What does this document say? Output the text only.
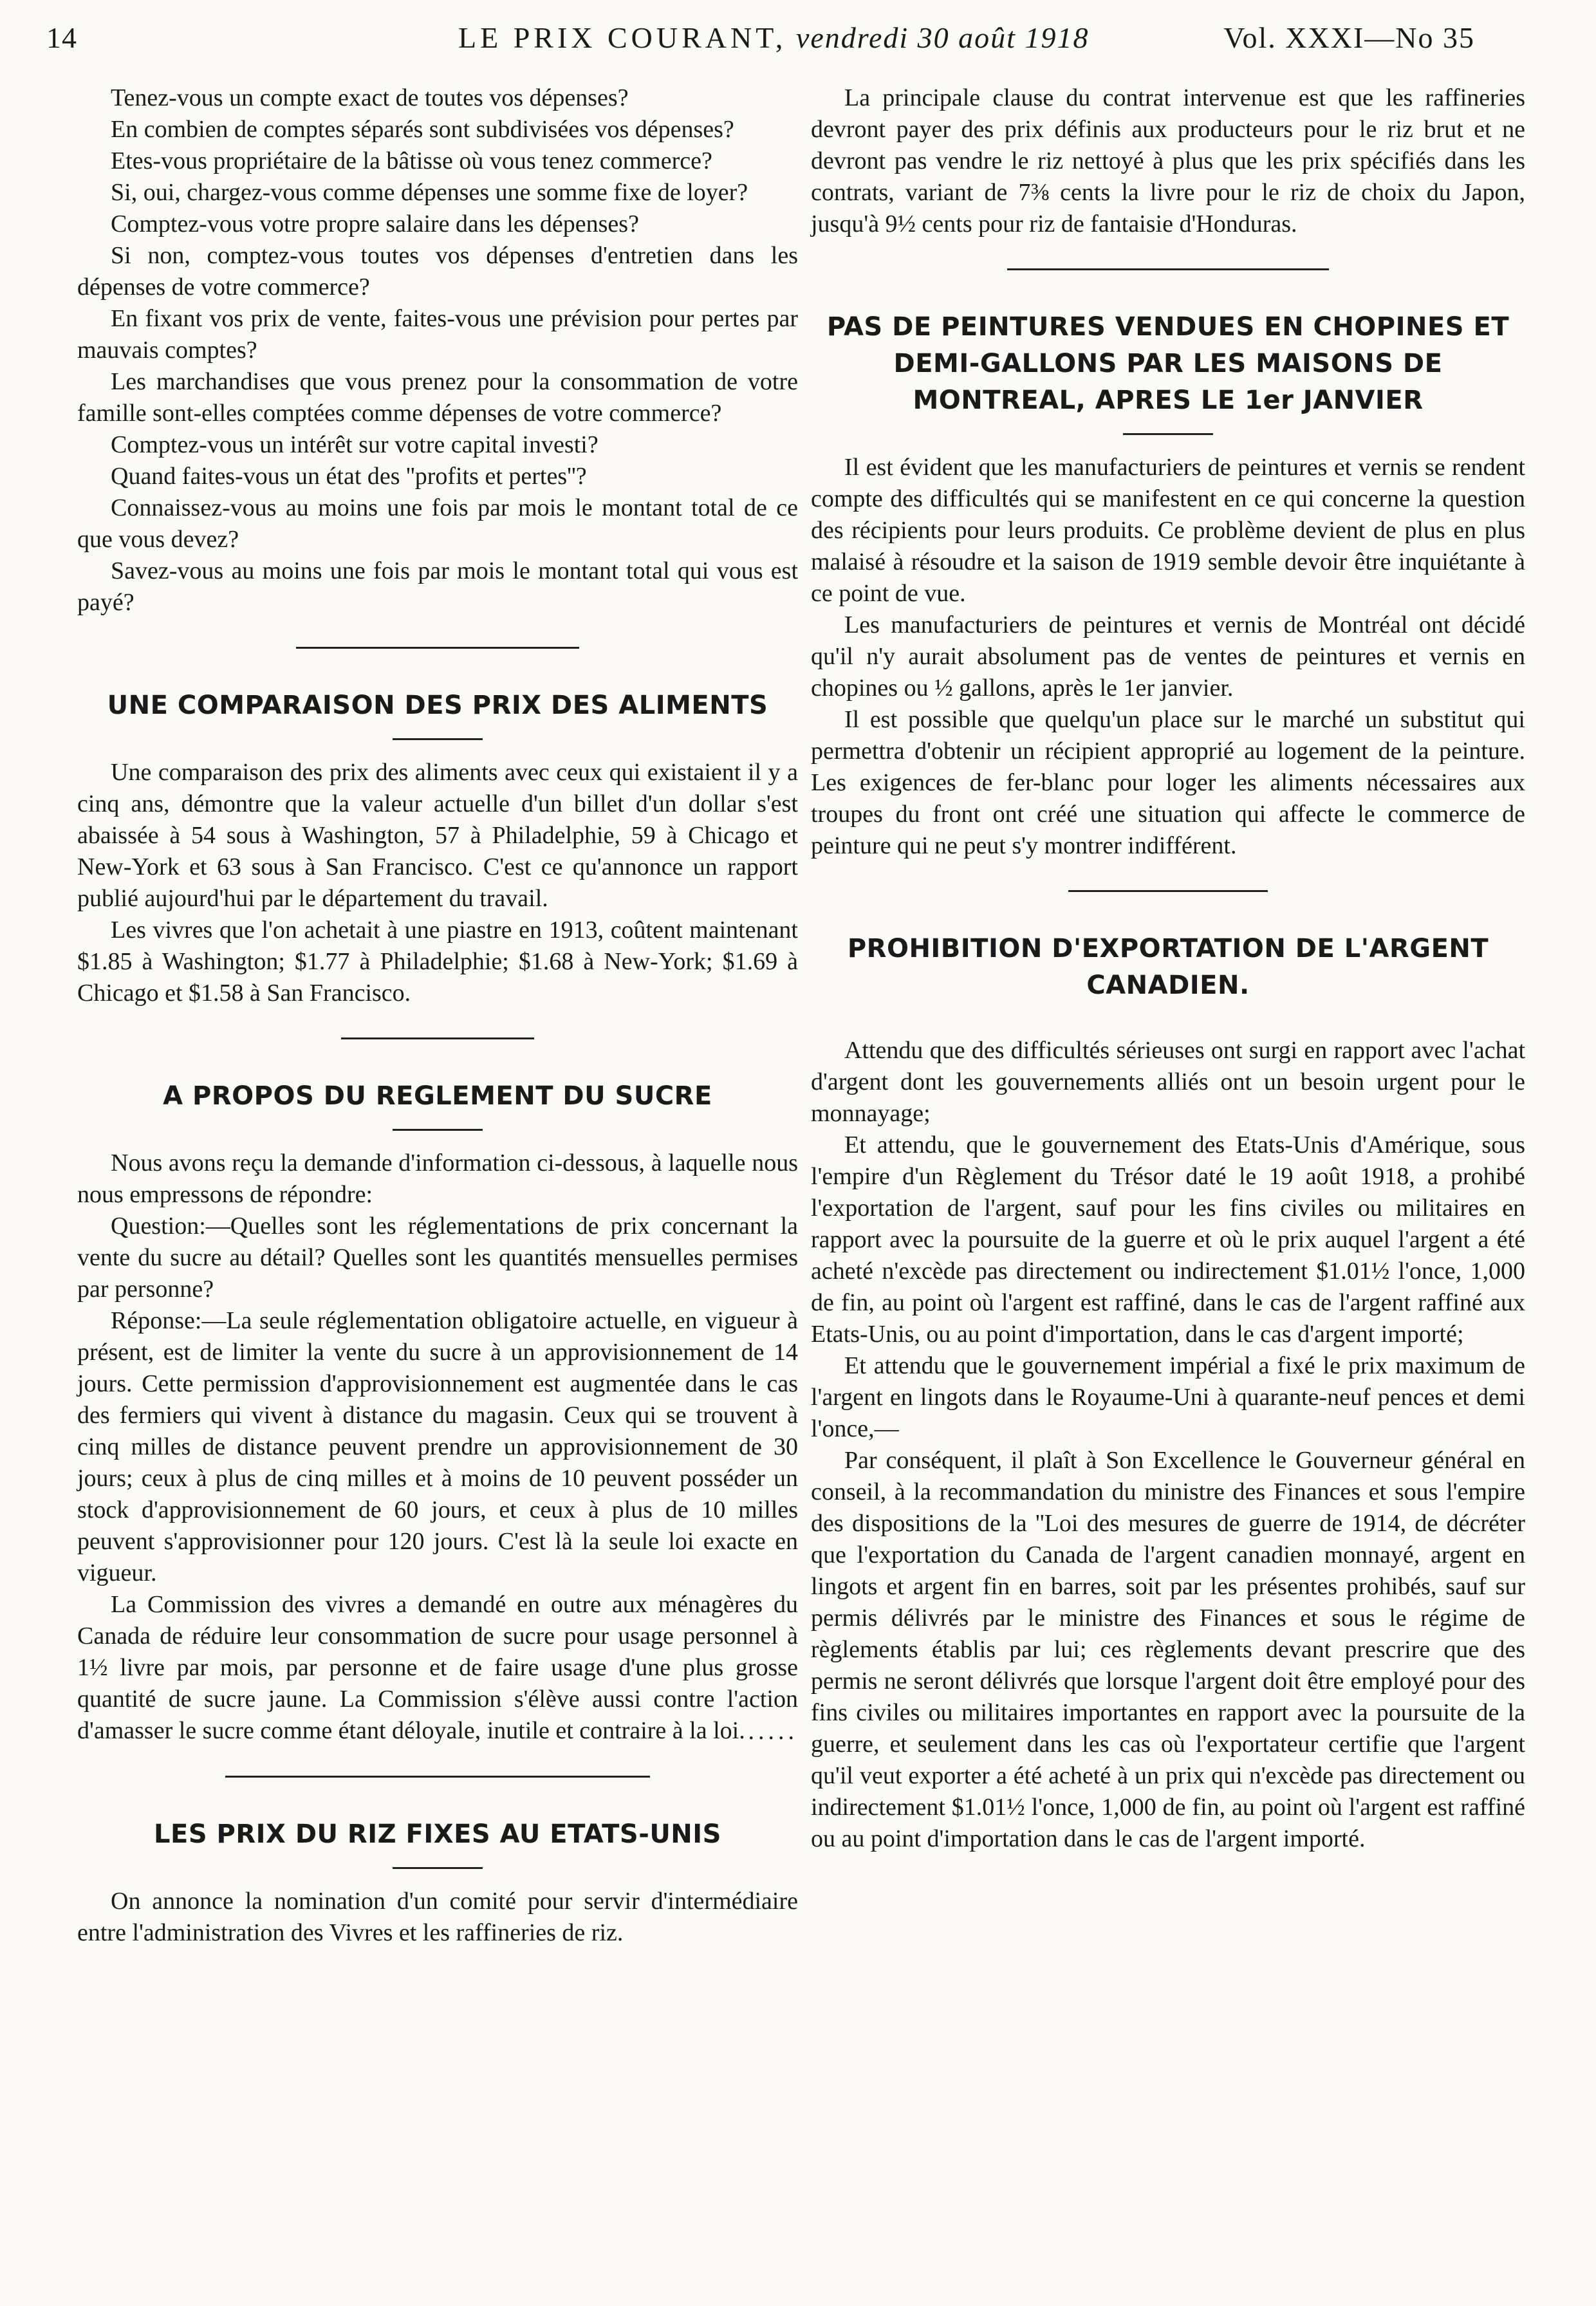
14	LE PRIX COURANT, vendredi 30 août 1918	Vol. XXXI—No 35

Tenez-vous un compte exact de toutes vos dépenses?

En combien de comptes séparés sont subdivisées vos dépenses?

Etes-vous propriétaire de la bâtisse où vous tenez commerce?

Si, oui, chargez-vous comme dépenses une somme fixe de loyer?

Comptez-vous votre propre salaire dans les dépenses?

Si non, comptez-vous toutes vos dépenses d'entretien dans les dépenses de votre commerce?

En fixant vos prix de vente, faites-vous une prévision pour pertes par mauvais comptes?

Les marchandises que vous prenez pour la consommation de votre famille sont-elles comptées comme dépenses de votre commerce?

Comptez-vous un intérêt sur votre capital investi?

Quand faites-vous un état des ''profits et pertes''?

Connaissez-vous au moins une fois par mois le montant total de ce que vous devez?

Savez-vous au moins une fois par mois le montant total qui vous est payé?

UNE COMPARAISON DES PRIX DES ALIMENTS

Une comparaison des prix des aliments avec ceux qui existaient il y a cinq ans, démontre que la valeur actuelle d'un billet d'un dollar s'est abaissée à 54 sous à Washington, 57 à Philadelphie, 59 à Chicago et New-York et 63 sous à San Francisco. C'est ce qu'annonce un rapport publié aujourd'hui par le département du travail.

Les vivres que l'on achetait à une piastre en 1913, coûtent maintenant $1.85 à Washington; $1.77 à Philadelphie; $1.68 à New-York; $1.69 à Chicago et $1.58 à San Francisco.

A PROPOS DU REGLEMENT DU SUCRE

Nous avons reçu la demande d'information ci-dessous, à laquelle nous nous empressons de répondre:

Question:—Quelles sont les réglementations de prix concernant la vente du sucre au détail? Quelles sont les quantités mensuelles permises par personne?

Réponse:—La seule réglementation obligatoire actuelle, en vigueur à présent, est de limiter la vente du sucre à un approvisionnement de 14 jours. Cette permission d'approvisionnement est augmentée dans le cas des fermiers qui vivent à distance du magasin. Ceux qui se trouvent à cinq milles de distance peuvent prendre un approvisionnement de 30 jours; ceux à plus de cinq milles et à moins de 10 peuvent posséder un stock d'approvisionnement de 60 jours, et ceux à plus de 10 milles peuvent s'approvisionner pour 120 jours. C'est là la seule loi exacte en vigueur.

La Commission des vivres a demandé en outre aux ménagères du Canada de réduire leur consommation de sucre pour usage personnel à 1½ livre par mois, par personne et de faire usage d'une plus grosse quantité de sucre jaune. La Commission s'élève aussi contre l'action d'amasser le sucre comme étant déloyale, inutile et contraire à la loi. .....

LES PRIX DU RIZ FIXES AU ETATS-UNIS

On annonce la nomination d'un comité pour servir d'intermédiaire entre l'administration des Vivres et les raffineries de riz.

La principale clause du contrat intervenue est que les raffineries devront payer des prix définis aux producteurs pour le riz brut et ne devront pas vendre le riz nettoyé à plus que les prix spécifiés dans les contrats, variant de 7⅜ cents la livre pour le riz de choix du Japon, jusqu'à 9½ cents pour riz de fantaisie d'Honduras.

PAS DE PEINTURES VENDUES EN CHOPINES ET
DEMI-GALLONS PAR LES MAISONS DE
MONTREAL, APRES LE 1er JANVIER

Il est évident que les manufacturiers de peintures et vernis se rendent compte des difficultés qui se manifestent en ce qui concerne la question des récipients pour leurs produits. Ce problème devient de plus en plus malaisé à résoudre et la saison de 1919 semble devoir être inquiétante à ce point de vue.

Les manufacturiers de peintures et vernis de Montréal ont décidé qu'il n'y aurait absolument pas de ventes de peintures et vernis en chopines ou ½ gallons, après le 1er janvier.

Il est possible que quelqu'un place sur le marché un substitut qui permettra d'obtenir un récipient approprié au logement de la peinture. Les exigences de fer-blanc pour loger les aliments nécessaires aux troupes du front ont créé une situation qui affecte le commerce de peinture qui ne peut s'y montrer indifférent.

PROHIBITION D'EXPORTATION DE L'ARGENT
CANADIEN.

Attendu que des difficultés sérieuses ont surgi en rapport avec l'achat d'argent dont les gouvernements alliés ont un besoin urgent pour le monnayage;

Et attendu, que le gouvernement des Etats-Unis d'Amérique, sous l'empire d'un Règlement du Trésor daté le 19 août 1918, a prohibé l'exportation de l'argent, sauf pour les fins civiles ou militaires en rapport avec la poursuite de la guerre et où le prix auquel l'argent a été acheté n'excède pas directement ou indirectement $1.01½ l'once, 1,000 de fin, au point où l'argent est raffiné, dans le cas de l'argent raffiné aux Etats-Unis, ou au point d'importation, dans le cas d'argent importé;

Et attendu que le gouvernement impérial a fixé le prix maximum de l'argent en lingots dans le Royaume-Uni à quarante-neuf pences et demi l'once,—

Par conséquent, il plaît à Son Excellence le Gouverneur général en conseil, à la recommandation du ministre des Finances et sous l'empire des dispositions de la ''Loi des mesures de guerre de 1914, de décréter que l'exportation du Canada de l'argent canadien monnayé, argent en lingots et argent fin en barres, soit par les présentes prohibés, sauf sur permis délivrés par le ministre des Finances et sous le régime de règlements établis par lui; ces règlements devant prescrire que des permis ne seront délivrés que lorsque l'argent doit être employé pour des fins civiles ou militaires importantes en rapport avec la poursuite de la guerre, et seulement dans les cas où l'exportateur certifie que l'argent qu'il veut exporter a été acheté à un prix qui n'excède pas directement ou indirectement $1.01½ l'once, 1,000 de fin, au point où l'argent est raffiné ou au point d'importation dans le cas de l'argent importé.
